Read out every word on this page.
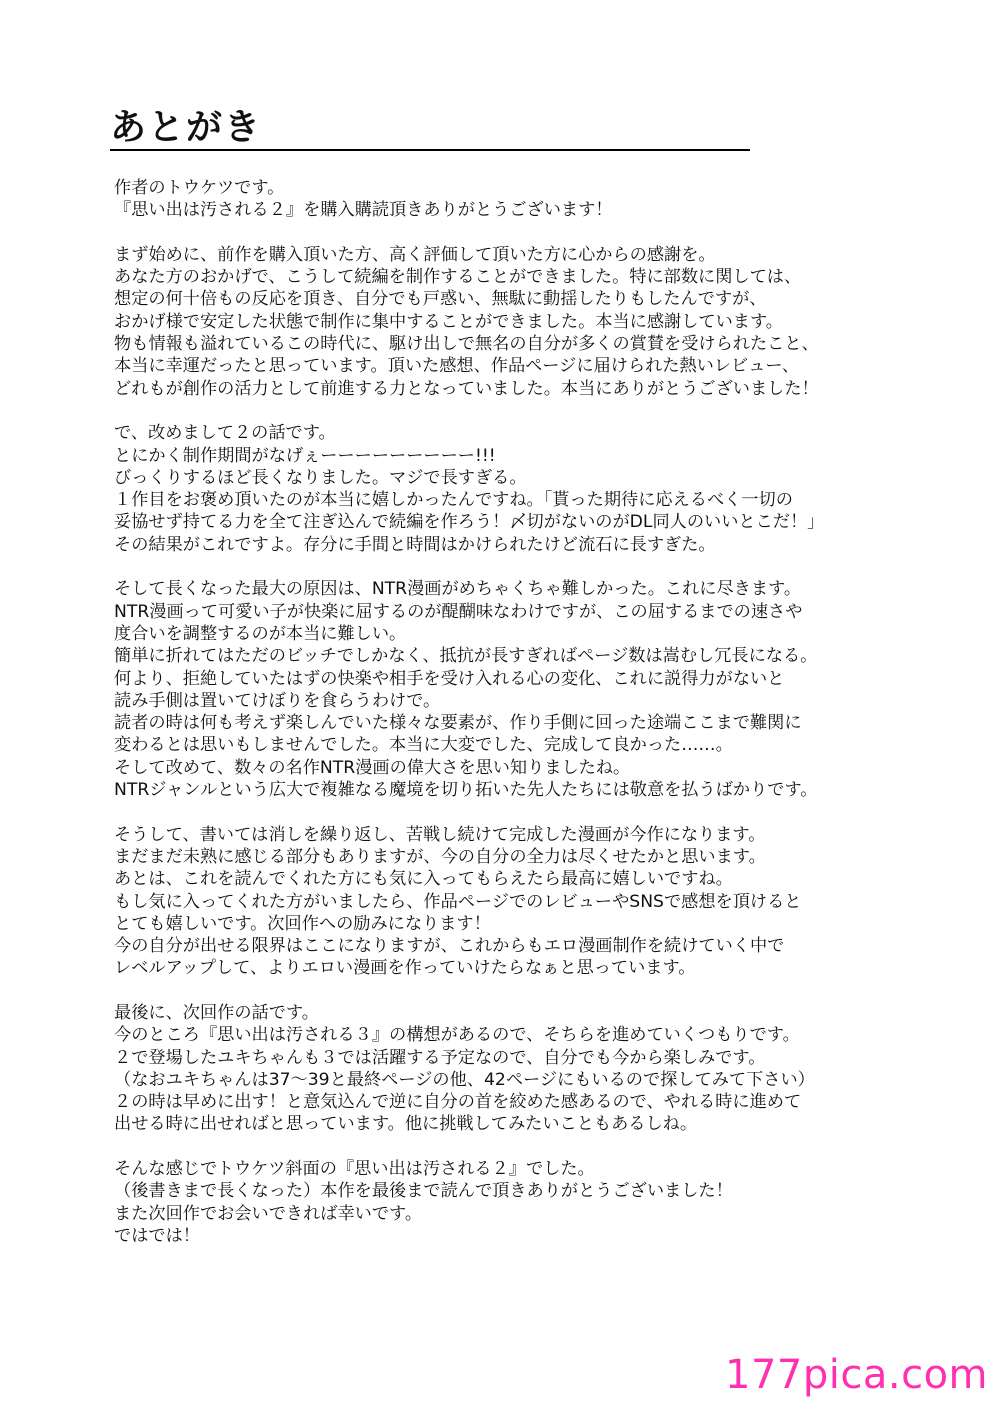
あとがき

作者のトウケツです。
『思い出は汚される２』を購入購読頂きありがとうございます！

まず始めに、前作を購入頂いた方、高く評価して頂いた方に心からの感謝を。
あなた方のおかげで、こうして続編を制作することができました。特に部数に関しては、
想定の何十倍もの反応を頂き、自分でも戸惑い、無駄に動揺したりもしたんですが、
おかげ様で安定した状態で制作に集中することができました。本当に感謝しています。
物も情報も溢れているこの時代に、駆け出しで無名の自分が多くの賞賛を受けられたこと、
本当に幸運だったと思っています。頂いた感想、作品ページに届けられた熱いレビュー、
どれもが創作の活力として前進する力となっていました。本当にありがとうございました！

で、改めまして２の話です。
とにかく制作期間がなげぇーーーーーーーーー!!!
びっくりするほど長くなりました。マジで長すぎる。
１作目をお褒め頂いたのが本当に嬉しかったんですね。「貰った期待に応えるべく一切の
妥協せず持てる力を全て注ぎ込んで続編を作ろう！〆切がないのがDL同人のいいとこだ！」
その結果がこれですよ。存分に手間と時間はかけられたけど流石に長すぎた。

そして長くなった最大の原因は、NTR漫画がめちゃくちゃ難しかった。これに尽きます。
NTR漫画って可愛い子が快楽に屈するのが醍醐味なわけですが、この屈するまでの速さや
度合いを調整するのが本当に難しい。
簡単に折れてはただのビッチでしかなく、抵抗が長すぎればページ数は嵩むし冗長になる。
何より、拒絶していたはずの快楽や相手を受け入れる心の変化、これに説得力がないと
読み手側は置いてけぼりを食らうわけで。
読者の時は何も考えず楽しんでいた様々な要素が、作り手側に回った途端ここまで難関に
変わるとは思いもしませんでした。本当に大変でした、完成して良かった……。
そして改めて、数々の名作NTR漫画の偉大さを思い知りましたね。
NTRジャンルという広大で複雑なる魔境を切り拓いた先人たちには敬意を払うばかりです。

そうして、書いては消しを繰り返し、苦戦し続けて完成した漫画が今作になります。
まだまだ未熟に感じる部分もありますが、今の自分の全力は尽くせたかと思います。
あとは、これを読んでくれた方にも気に入ってもらえたら最高に嬉しいですね。
もし気に入ってくれた方がいましたら、作品ページでのレビューやSNSで感想を頂けると
とても嬉しいです。次回作への励みになります！
今の自分が出せる限界はここになりますが、これからもエロ漫画制作を続けていく中で
レベルアップして、よりエロい漫画を作っていけたらなぁと思っています。

最後に、次回作の話です。
今のところ『思い出は汚される３』の構想があるので、そちらを進めていくつもりです。
２で登場したユキちゃんも３では活躍する予定なので、自分でも今から楽しみです。
（なおユキちゃんは37～39と最終ページの他、42ページにもいるので探してみて下さい）
２の時は早めに出す！と意気込んで逆に自分の首を絞めた感あるので、やれる時に進めて
出せる時に出せればと思っています。他に挑戦してみたいこともあるしね。

そんな感じでトウケツ斜面の『思い出は汚される２』でした。
（後書きまで長くなった）本作を最後まで読んで頂きありがとうございました！
また次回作でお会いできれば幸いです。
ではでは！

177pica.com
